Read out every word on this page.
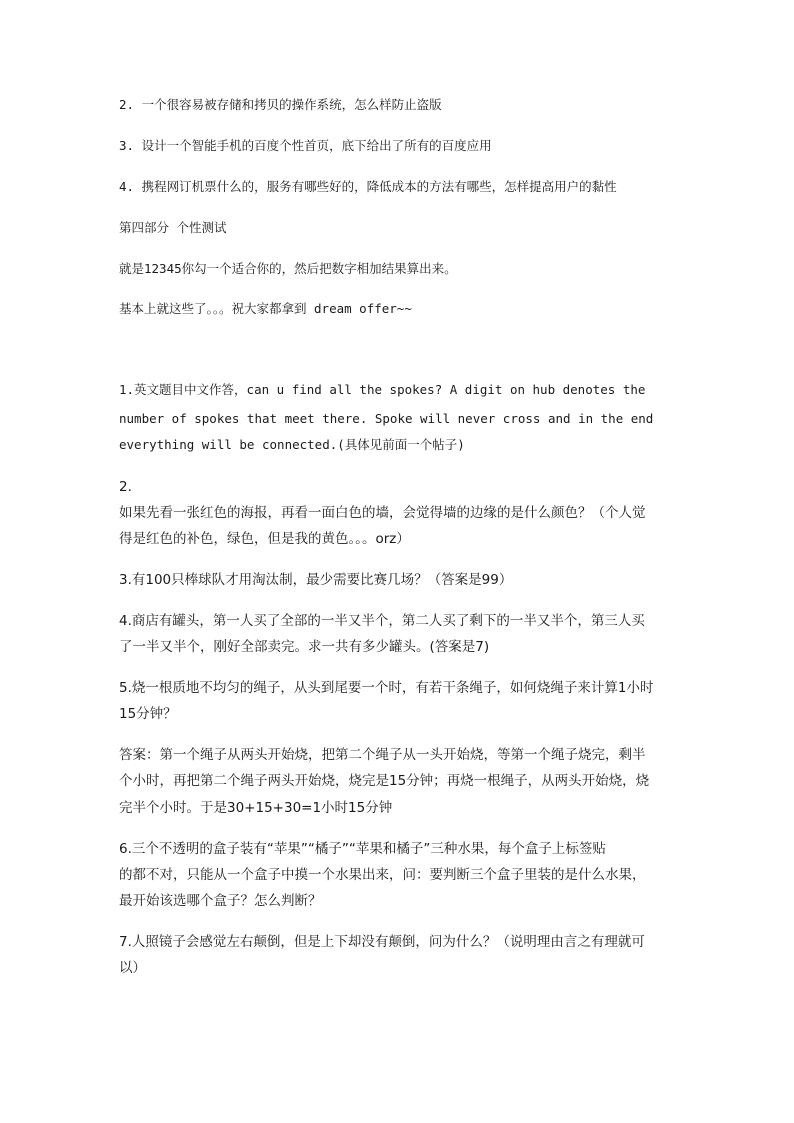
2. 一个很容易被存储和拷贝的操作系统，怎么样防止盗版
3. 设计一个智能手机的百度个性首页，底下给出了所有的百度应用
4. 携程网订机票什么的，服务有哪些好的，降低成本的方法有哪些，怎样提高用户的黏性
第四部分 个性测试
就是12345你勾一个适合你的，然后把数字相加结果算出来。
基本上就这些了。。。祝大家都拿到 dream offer~~
1.英文题目中文作答，can u find all the spokes? A digit on hub denotes the
number of spokes that meet there. Spoke will never cross and in the end
everything will be connected.(具体见前面一个帖子)
2.
如果先看一张红色的海报，再看一面白色的墙，会觉得墙的边缘的是什么颜色？（个人觉
得是红色的补色，绿色，但是我的黄色。。。orz）
3.有100只棒球队才用淘汰制，最少需要比赛几场？（答案是99）
4.商店有罐头，第一人买了全部的一半又半个，第二人买了剩下的一半又半个，第三人买
了一半又半个，刚好全部卖完。求一共有多少罐头。(答案是7)
5.烧一根质地不均匀的绳子，从头到尾要一个时，有若干条绳子，如何烧绳子来计算1小时
15分钟？
答案：第一个绳子从两头开始烧，把第二个绳子从一头开始烧，等第一个绳子烧完，剩半
个小时，再把第二个绳子两头开始烧，烧完是15分钟；再烧一根绳子，从两头开始烧，烧
完半个小时。于是30+15+30=1小时15分钟
6.三个不透明的盒子装有“苹果”“橘子”“苹果和橘子”三种水果，每个盒子上标签贴
的都不对，只能从一个盒子中摸一个水果出来，问：要判断三个盒子里装的是什么水果，
最开始该选哪个盒子？怎么判断？
7.人照镜子会感觉左右颠倒，但是上下却没有颠倒，问为什么？（说明理由言之有理就可
以）
